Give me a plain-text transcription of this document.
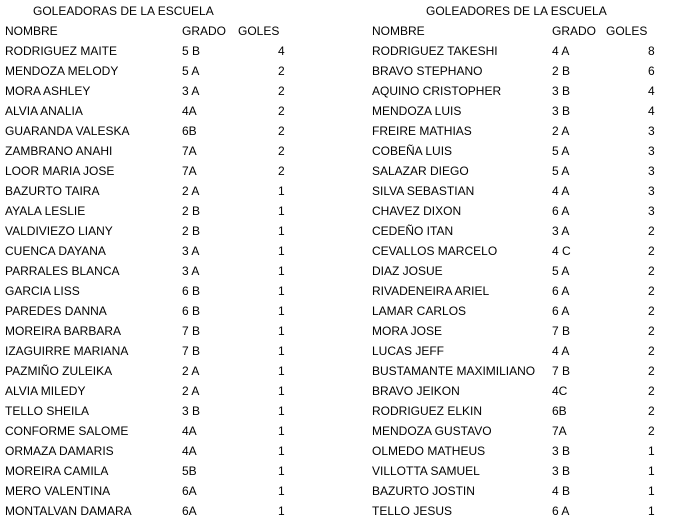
GOLEADORAS DE LA ESCUELA
NOMBRE	GRADO GOLES
RODRIGUEZ MAITE	5 B	4
MENDOZA MELODY	5 A	2
MORA ASHLEY	3 A	2
ALVIA ANALIA	4A	2
GUARANDA VALESKA	6B	2
ZAMBRANO ANAHI	7A	2
LOOR MARIA JOSE	7A	2
BAZURTO TAIRA	2 A	1
AYALA LESLIE	2 B	1
VALDIVIEZO LIANY	2 B	1
CUENCA DAYANA	3 A	1
PARRALES BLANCA	3 A	1
GARCIA LISS	6 B	1
PAREDES DANNA	6 B	1
MOREIRA BARBARA	7 B	1
IZAGUIRRE MARIANA	7 B	1
PAZMIÑO ZULEIKA	2 A	1
ALVIA MILEDY	2 A	1
TELLO SHEILA	3 B	1
CONFORME SALOME	4A	1
ORMAZA DAMARIS	4A	1
MOREIRA CAMILA	5B	1
MERO VALENTINA	6A	1
MONTALVAN DAMARA	6A	1
GOLEADORES DE LA ESCUELA
NOMBRE	GRADO GOLES
RODRIGUEZ TAKESHI	4 A	8
BRAVO STEPHANO	2 B	6
AQUINO CRISTOPHER	3 B	4
MENDOZA LUIS	3 B	4
FREIRE MATHIAS	2 A	3
COBEÑA LUIS	5 A	3
SALAZAR DIEGO	5 A	3
SILVA SEBASTIAN	4 A	3
CHAVEZ DIXON	6 A	3
CEDEÑO ITAN	3 A	2
CEVALLOS MARCELO	4 C	2
DIAZ JOSUE	5 A	2
RIVADENEIRA ARIEL	6 A	2
LAMAR CARLOS	6 A	2
MORA JOSE	7 B	2
LUCAS JEFF	4 A	2
BUSTAMANTE MAXIMILIANO 7 B	2
BRAVO JEIKON	4C	2
RODRIGUEZ ELKIN	6B	2
MENDOZA GUSTAVO	7A	2
OLMEDO MATHEUS	3 B	1
VILLOTTA SAMUEL	3 B	1
BAZURTO JOSTIN	4 B	1
TELLO JESUS	6 A	1
